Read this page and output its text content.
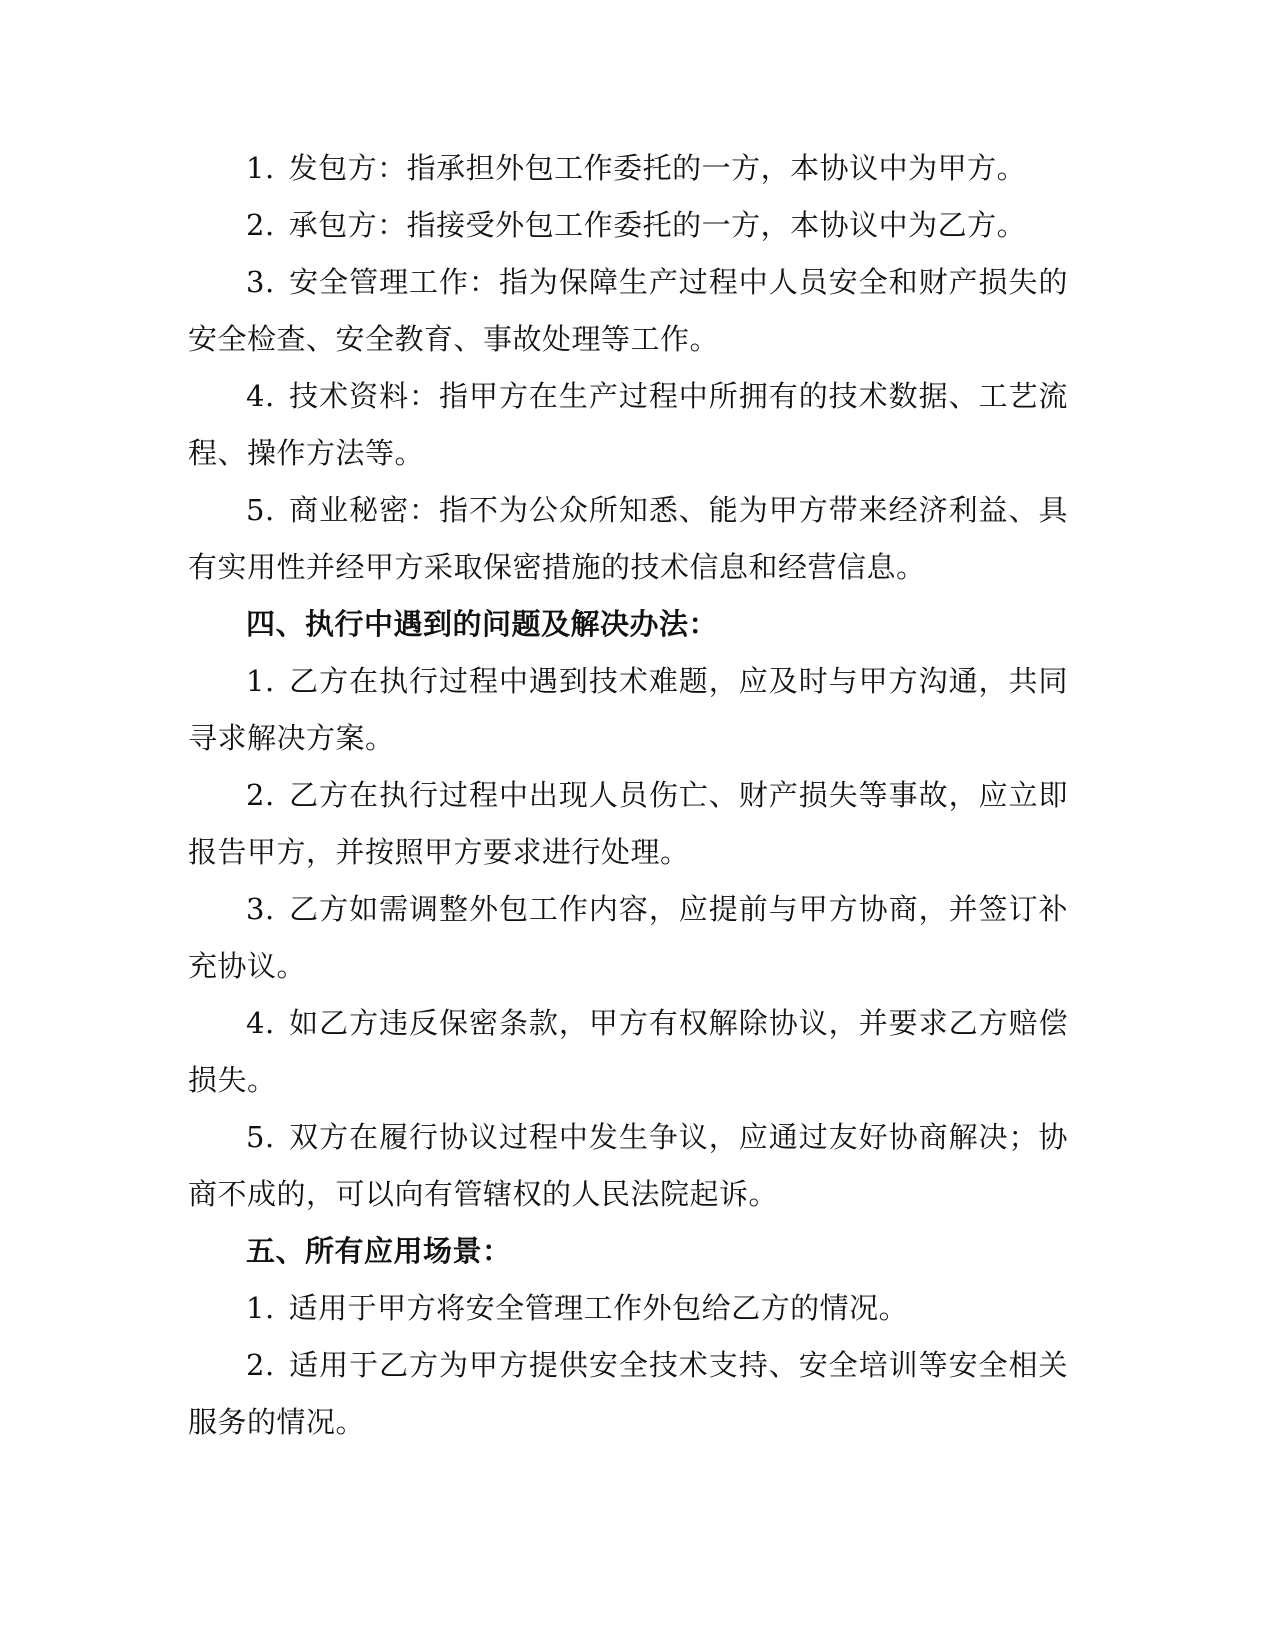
1. 发包方：指承担外包工作委托的一方，本协议中为甲方。

2. 承包方：指接受外包工作委托的一方，本协议中为乙方。

3. 安全管理工作：指为保障生产过程中人员安全和财产损失的安全检查、安全教育、事故处理等工作。

4. 技术资料：指甲方在生产过程中所拥有的技术数据、工艺流程、操作方法等。

5. 商业秘密：指不为公众所知悉、能为甲方带来经济利益、具有实用性并经甲方采取保密措施的技术信息和经营信息。

四、执行中遇到的问题及解决办法：

1. 乙方在执行过程中遇到技术难题，应及时与甲方沟通，共同寻求解决方案。

2. 乙方在执行过程中出现人员伤亡、财产损失等事故，应立即报告甲方，并按照甲方要求进行处理。

3. 乙方如需调整外包工作内容，应提前与甲方协商，并签订补充协议。

4. 如乙方违反保密条款，甲方有权解除协议，并要求乙方赔偿损失。

5. 双方在履行协议过程中发生争议，应通过友好协商解决；协商不成的，可以向有管辖权的人民法院起诉。

五、所有应用场景：

1. 适用于甲方将安全管理工作外包给乙方的情况。

2. 适用于乙方为甲方提供安全技术支持、安全培训等安全相关服务的情况。
